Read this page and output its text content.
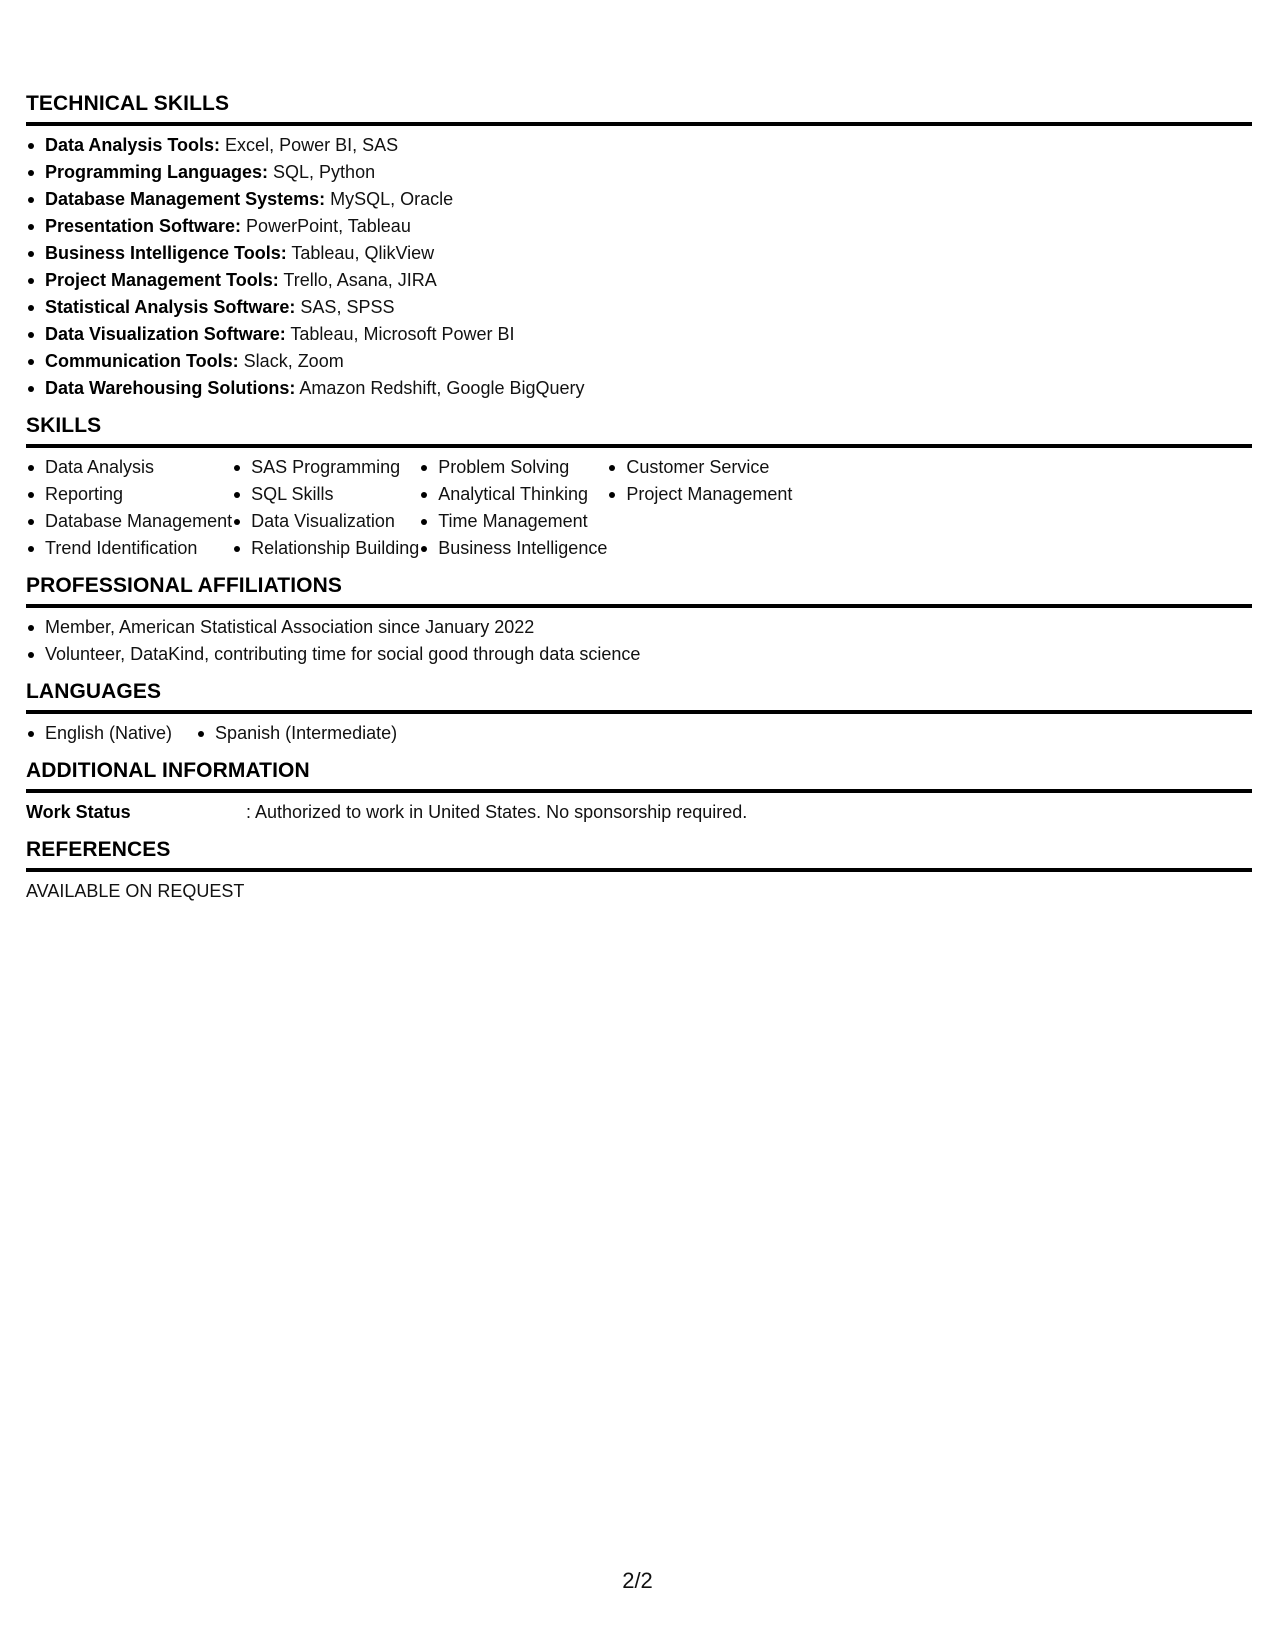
TECHNICAL SKILLS
Data Analysis Tools: Excel, Power BI, SAS
Programming Languages: SQL, Python
Database Management Systems: MySQL, Oracle
Presentation Software: PowerPoint, Tableau
Business Intelligence Tools: Tableau, QlikView
Project Management Tools: Trello, Asana, JIRA
Statistical Analysis Software: SAS, SPSS
Data Visualization Software: Tableau, Microsoft Power BI
Communication Tools: Slack, Zoom
Data Warehousing Solutions: Amazon Redshift, Google BigQuery
SKILLS
Data Analysis
Reporting
Database Management
Trend Identification
SAS Programming
SQL Skills
Data Visualization
Relationship Building
Problem Solving
Analytical Thinking
Time Management
Business Intelligence
Customer Service
Project Management
PROFESSIONAL AFFILIATIONS
Member, American Statistical Association since January 2022
Volunteer, DataKind, contributing time for social good through data science
LANGUAGES
English (Native)	Spanish (Intermediate)
ADDITIONAL INFORMATION
Work Status	: Authorized to work in United States. No sponsorship required.
REFERENCES
AVAILABLE ON REQUEST
2/2
